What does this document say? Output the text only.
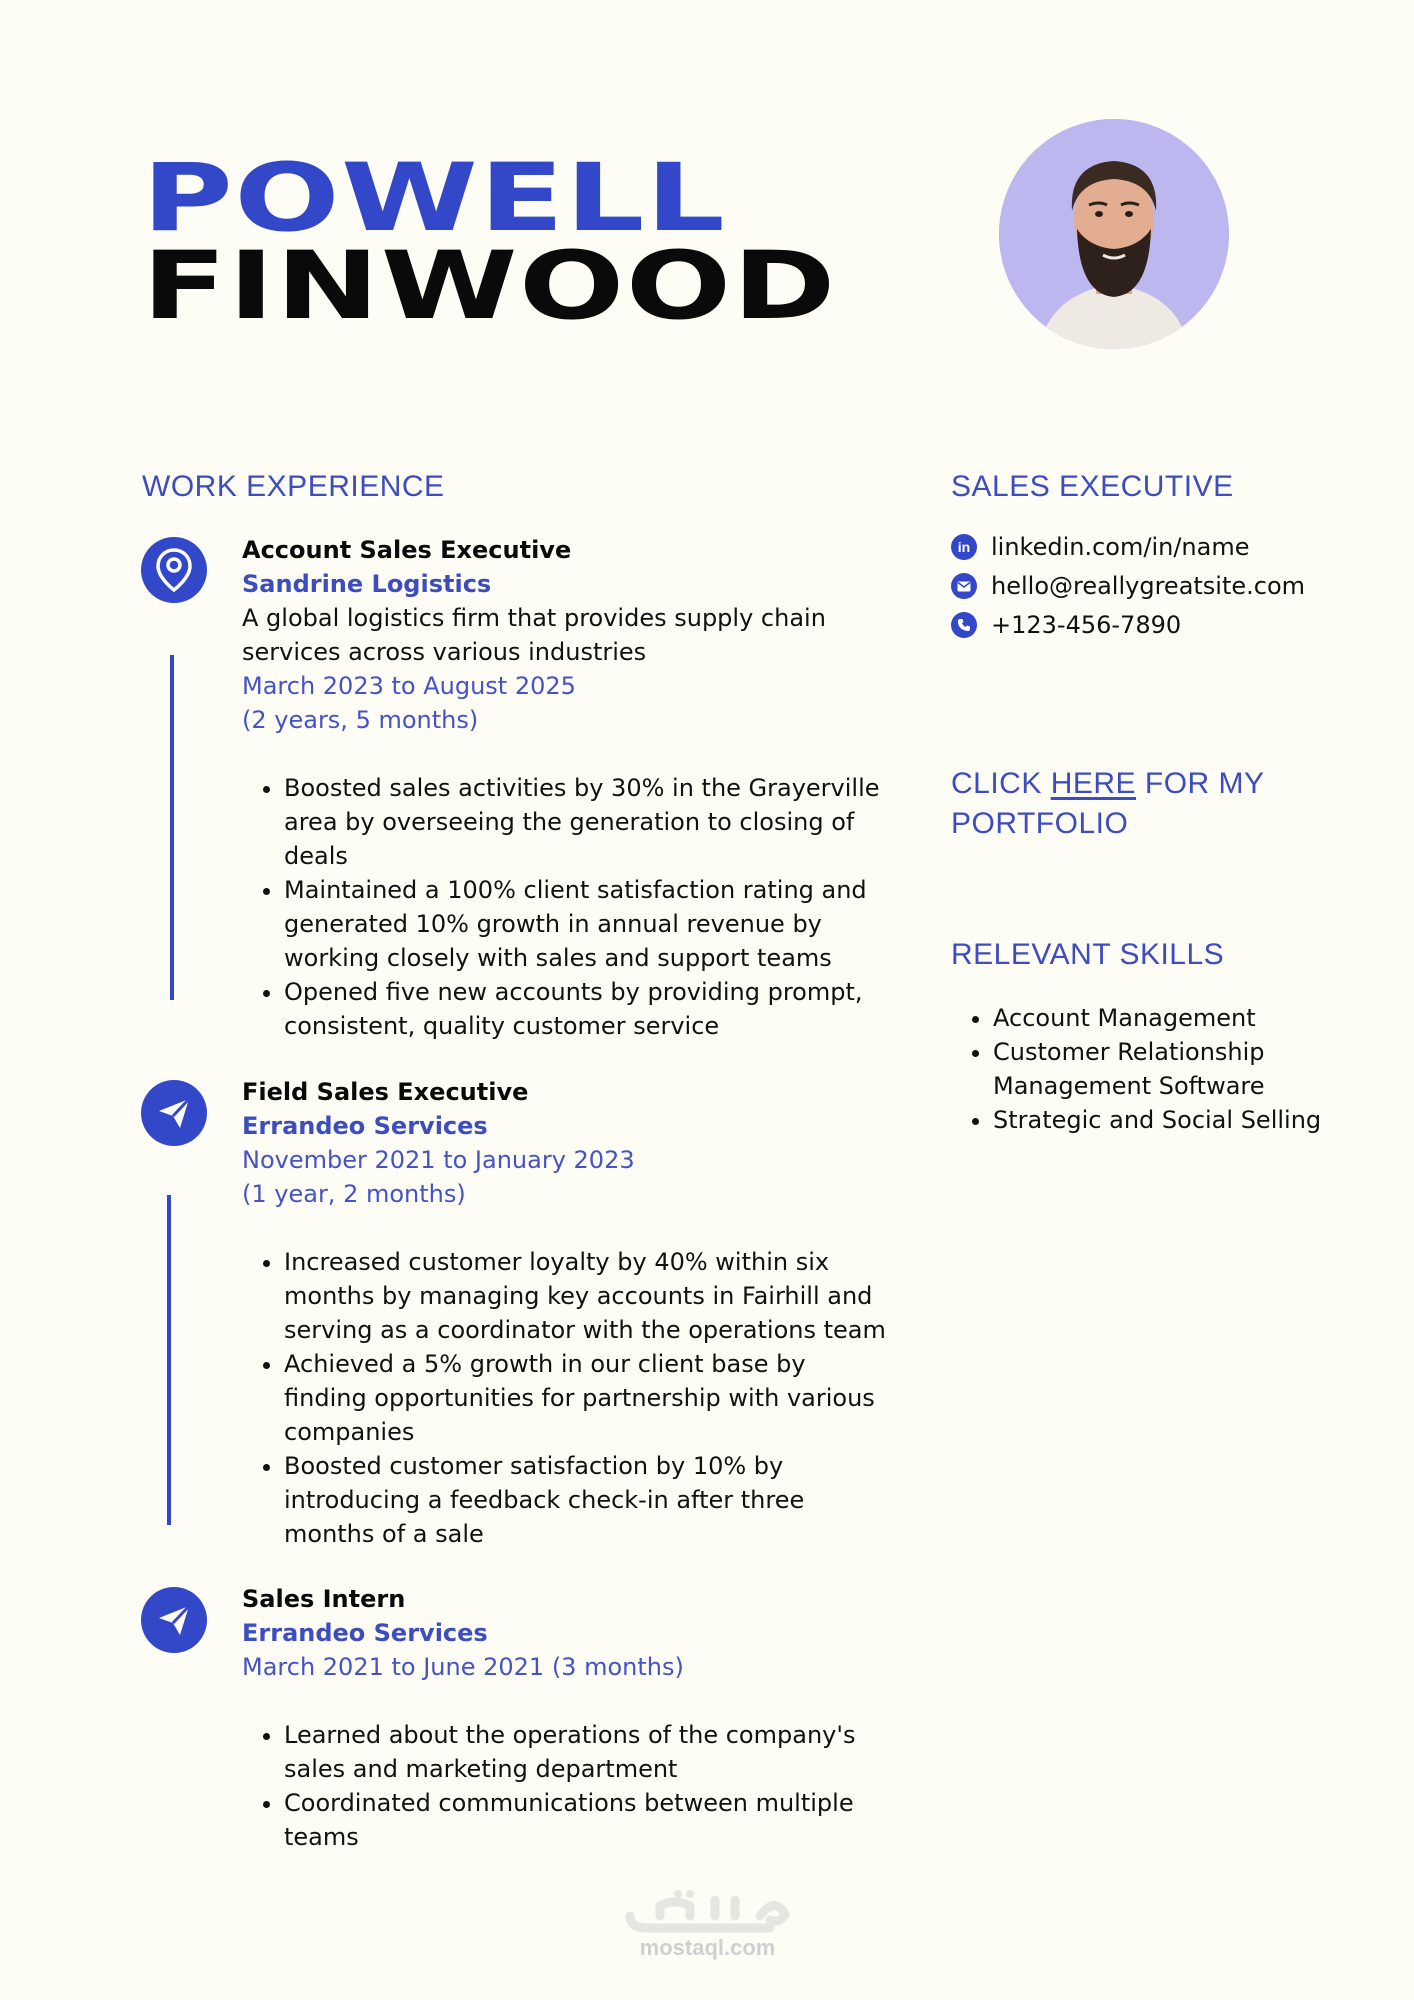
POWELL
FINWOOD
WORK EXPERIENCE
Account Sales Executive
Sandrine Logistics
A global logistics firm that provides supply chain services across various industries
March 2023 to August 2025
(2 years, 5 months)
• Boosted sales activities by 30% in the Grayerville area by overseeing the generation to closing of deals
• Maintained a 100% client satisfaction rating and generated 10% growth in annual revenue by working closely with sales and support teams
• Opened five new accounts by providing prompt, consistent, quality customer service
Field Sales Executive
Errandeo Services
November 2021 to January 2023
(1 year, 2 months)
• Increased customer loyalty by 40% within six months by managing key accounts in Fairhill and serving as a coordinator with the operations team
• Achieved a 5% growth in our client base by finding opportunities for partnership with various companies
• Boosted customer satisfaction by 10% by introducing a feedback check-in after three months of a sale
Sales Intern
Errandeo Services
March 2021 to June 2021 (3 months)
• Learned about the operations of the company's sales and marketing department
• Coordinated communications between multiple teams
SALES EXECUTIVE
in linkedin.com/in/name
hello@reallygreatsite.com
+123-456-7890
CLICK HERE FOR MY PORTFOLIO
RELEVANT SKILLS
• Account Management
• Customer Relationship Management Software
• Strategic and Social Selling
mostaql.com
